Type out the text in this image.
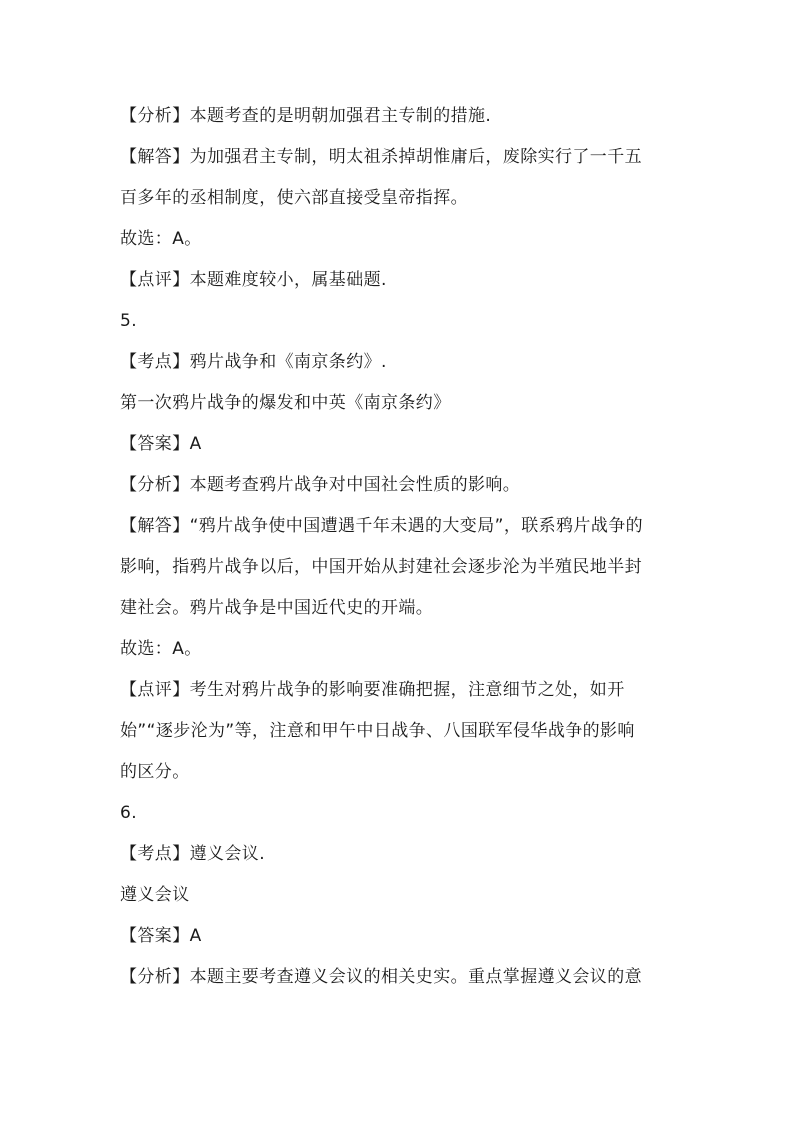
【分析】本题考查的是明朝加强君主专制的措施.
【解答】为加强君主专制，明太祖杀掉胡惟庸后，废除实行了一千五
百多年的丞相制度，使六部直接受皇帝指挥。
故选：A。
【点评】本题难度较小，属基础题.
5.
【考点】鸦片战争和《南京条约》.
第一次鸦片战争的爆发和中英《南京条约》
【答案】A
【分析】本题考查鸦片战争对中国社会性质的影响。
【解答】“鸦片战争使中国遭遇千年未遇的大变局”，联系鸦片战争的
影响，指鸦片战争以后，中国开始从封建社会逐步沦为半殖民地半封
建社会。鸦片战争是中国近代史的开端。
故选：A。
【点评】考生对鸦片战争的影响要准确把握，注意细节之处，如开
始”“逐步沦为”等，注意和甲午中日战争、八国联军侵华战争的影响
的区分。
6.
【考点】遵义会议.
遵义会议
【答案】A
【分析】本题主要考查遵义会议的相关史实。重点掌握遵义会议的意
